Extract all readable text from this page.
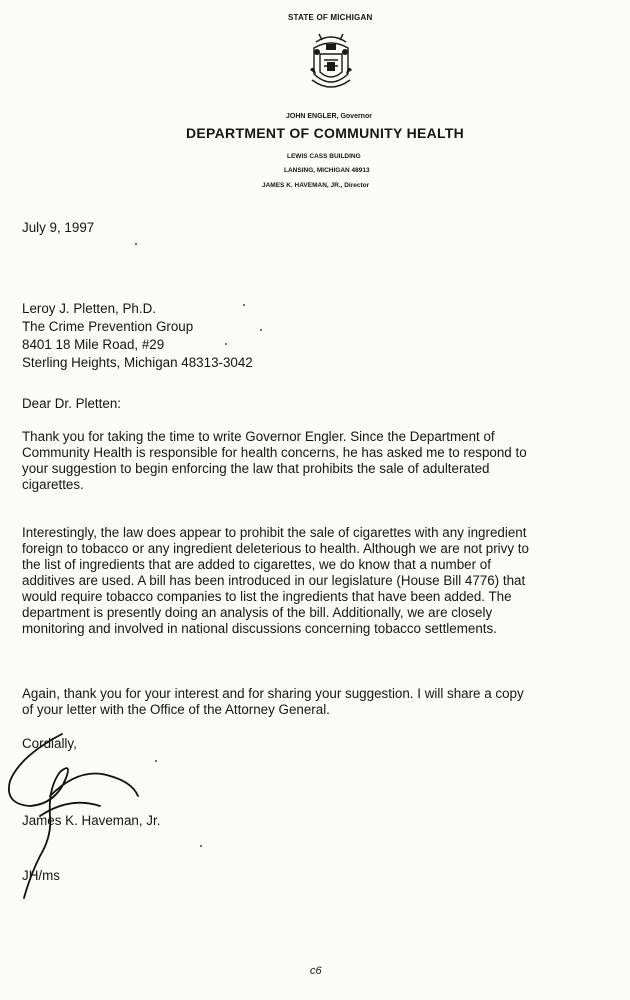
STATE OF MICHIGAN
JOHN ENGLER, Governor
DEPARTMENT OF COMMUNITY HEALTH
LEWIS CASS BUILDING
LANSING, MICHIGAN 48913
JAMES K. HAVEMAN, JR., Director
July 9, 1997
Leroy J. Pletten, Ph.D.
The Crime Prevention Group
8401 18 Mile Road, #29
Sterling Heights, Michigan 48313-3042
Dear Dr. Pletten:
Thank you for taking the time to write Governor Engler. Since the Department of
Community Health is responsible for health concerns, he has asked me to respond to
your suggestion to begin enforcing the law that prohibits the sale of adulterated
cigarettes.
Interestingly, the law does appear to prohibit the sale of cigarettes with any ingredient
foreign to tobacco or any ingredient deleterious to health. Although we are not privy to
the list of ingredients that are added to cigarettes, we do know that a number of
additives are used. A bill has been introduced in our legislature (House Bill 4776) that
would require tobacco companies to list the ingredients that have been added. The
department is presently doing an analysis of the bill. Additionally, we are closely
monitoring and involved in national discussions concerning tobacco settlements.
Again, thank you for your interest and for sharing your suggestion. I will share a copy
of your letter with the Office of the Attorney General.
Cordially,
James K. Haveman, Jr.
JH/ms
c6
